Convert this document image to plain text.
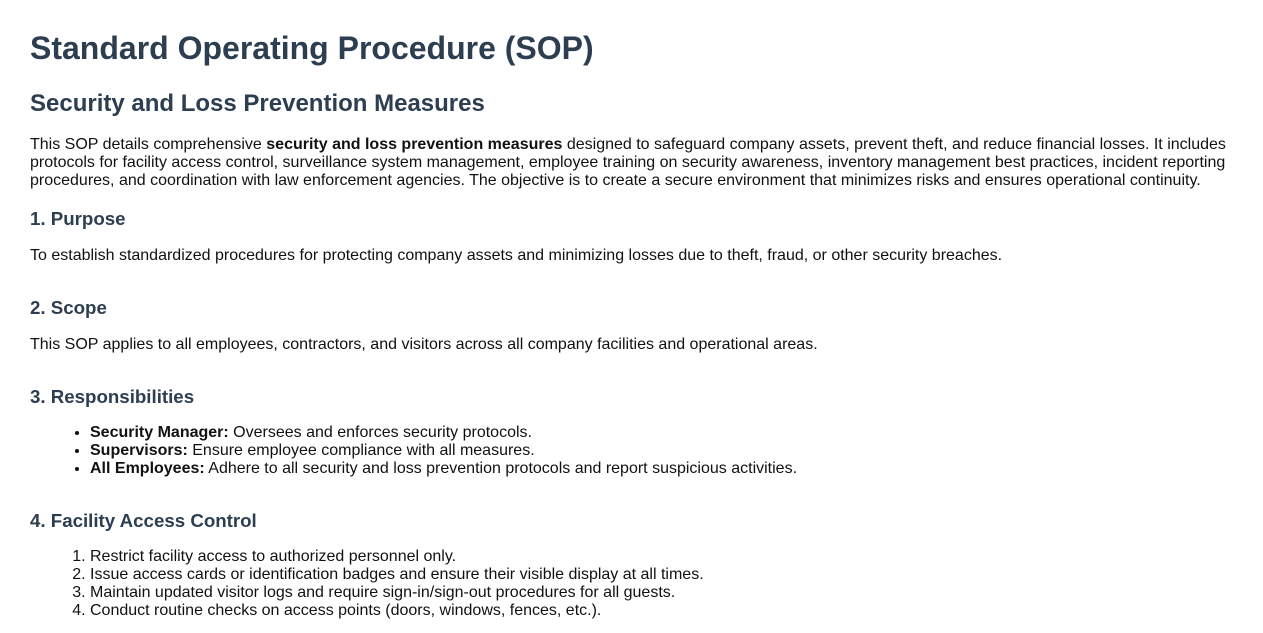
Standard Operating Procedure (SOP)
Security and Loss Prevention Measures

This SOP details comprehensive security and loss prevention measures designed to safeguard company assets, prevent theft, and reduce financial losses. It includes protocols for facility access control, surveillance system management, employee training on security awareness, inventory management best practices, incident reporting procedures, and coordination with law enforcement agencies. The objective is to create a secure environment that minimizes risks and ensures operational continuity.

1. Purpose

To establish standardized procedures for protecting company assets and minimizing losses due to theft, fraud, or other security breaches.

2. Scope

This SOP applies to all employees, contractors, and visitors across all company facilities and operational areas.

3. Responsibilities
• Security Manager: Oversees and enforces security protocols.
• Supervisors: Ensure employee compliance with all measures.
• All Employees: Adhere to all security and loss prevention protocols and report suspicious activities.
4. Facility Access Control
1. Restrict facility access to authorized personnel only.
2. Issue access cards or identification badges and ensure their visible display at all times.
3. Maintain updated visitor logs and require sign-in/sign-out procedures for all guests.
4. Conduct routine checks on access points (doors, windows, fences, etc.).
